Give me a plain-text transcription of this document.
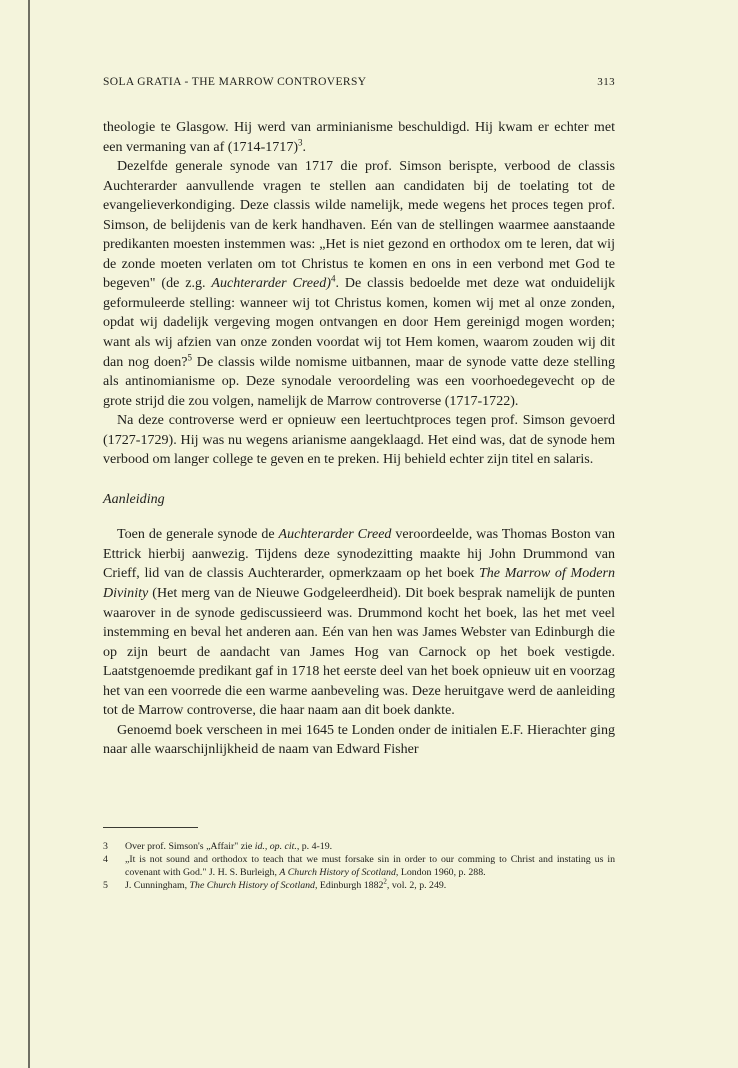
SOLA GRATIA - THE MARROW CONTROVERSY	313

theologie te Glasgow. Hij werd van arminianisme beschuldigd. Hij kwam er echter met een vermaning van af (1714-1717)$^3$.

Dezelfde generale synode van 1717 die prof. Simson berispte, verbood de classis Auchterarder aanvullende vragen te stellen aan candidaten bij de toelating tot de evangelieverkondiging. Deze classis wilde namelijk, mede wegens het proces tegen prof. Simson, de belijdenis van de kerk handhaven. Eén van de stellingen waarmee aanstaande predikanten moesten instemmen was: „Het is niet gezond en orthodox om te leren, dat wij de zonde moeten verlaten om tot Christus te komen en ons in een verbond met God te begeven" (de z.g. Auchterarder Creed)$^4$. De classis bedoelde met deze wat onduidelijk geformuleerde stelling: wanneer wij tot Christus komen, komen wij met al onze zonden, opdat wij dadelijk vergeving mogen ontvangen en door Hem gereinigd mogen worden; want als wij afzien van onze zonden voordat wij tot Hem komen, waarom zouden wij dit dan nog doen?$^5$ De classis wilde nomisme uitbannen, maar de synode vatte deze stelling als antinomianisme op. Deze synodale veroordeling was een voorhoedegevecht op de grote strijd die zou volgen, namelijk de Marrow controverse (1717-1722).

Na deze controverse werd er opnieuw een leertuchtproces tegen prof. Simson gevoerd (1727-1729). Hij was nu wegens arianisme aangeklaagd. Het eind was, dat de synode hem verbood om langer college te geven en te preken. Hij behield echter zijn titel en salaris.

Aanleiding

Toen de generale synode de Auchterarder Creed veroordeelde, was Thomas Boston van Ettrick hierbij aanwezig. Tijdens deze synodezitting maakte hij John Drummond van Crieff, lid van de classis Auchterarder, opmerkzaam op het boek The Marrow of Modern Divinity (Het merg van de Nieuwe Godgeleerdheid). Dit boek besprak namelijk de punten waarover in de synode gediscussieerd was. Drummond kocht het boek, las het met veel instemming en beval het anderen aan. Eén van hen was James Webster van Edinburgh die op zijn beurt de aandacht van James Hog van Carnock op het boek vestigde. Laatstgenoemde predikant gaf in 1718 het eerste deel van het boek opnieuw uit en voorzag het van een voorrede die een warme aanbeveling was. Deze heruitgave werd de aanleiding tot de Marrow controverse, die haar naam aan dit boek dankte.

Genoemd boek verscheen in mei 1645 te Londen onder de initialen E.F. Hierachter ging naar alle waarschijnlijkheid de naam van Edward Fisher

3	Over prof. Simson's „Affair" zie id., op. cit., p. 4-19.
4	„It is not sound and orthodox to teach that we must forsake sin in order to our comming to Christ and instating us in covenant with God." J. H. S. Burleigh, A Church History of Scotland, London 1960, p. 288.
5	J. Cunningham, The Church History of Scotland, Edinburgh 1882$^2$, vol. 2, p. 249.
